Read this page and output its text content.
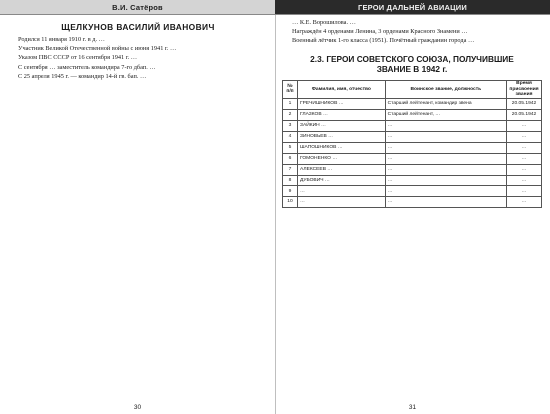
В.И. Сатёров
ЩЕЛКУНОВ ВАСИЛИЙ ИВАНОВИЧ

Родился 11 января 1910 г. в д. …

Участник Великой Отечественной войны с июня 1941 г. …

Указом ПВС СССР от 16 сентября 1941 г. …

С сентября … заместитель командира 7-го дбап. …

С 25 апреля 1945 г. — командир 14-й гв. бап. …

30
ГЕРОИ ДАЛЬНЕЙ АВИАЦИИ

… К.Е. Ворошилова. …

Награждён 4 орденами Ленина, 3 орденами Красного Знамени …

Военный лётчик 1-го класса (1951). Почётный гражданин города …

2.3. ГЕРОИ СОВЕТСКОГО СОЮЗА, ПОЛУЧИВШИЕ
ЗВАНИЕ В 1942 г.
№ п/п	Фамилия, имя, отчество	Воинское звание, должность	Время присвоения звания
1	ГРЕЧИШНИКОВ …	Старший лейтенант, командир звена	20.05.1942
2	ГЛАЗКОВ …	Старший лейтенант, …	20.05.1942
3	ЗАЙКИН …	…	…
4	ЗИНОВЬЕВ …	…	…
5	ШАПОШНИКОВ …	…	…
6	ГОМОНЕНКО …	…	…
7	АЛЕКСЕЕВ …	…	…
8	ДУБОВИЧ …	…	…
9	…	…	…
10	…	…	…
31
